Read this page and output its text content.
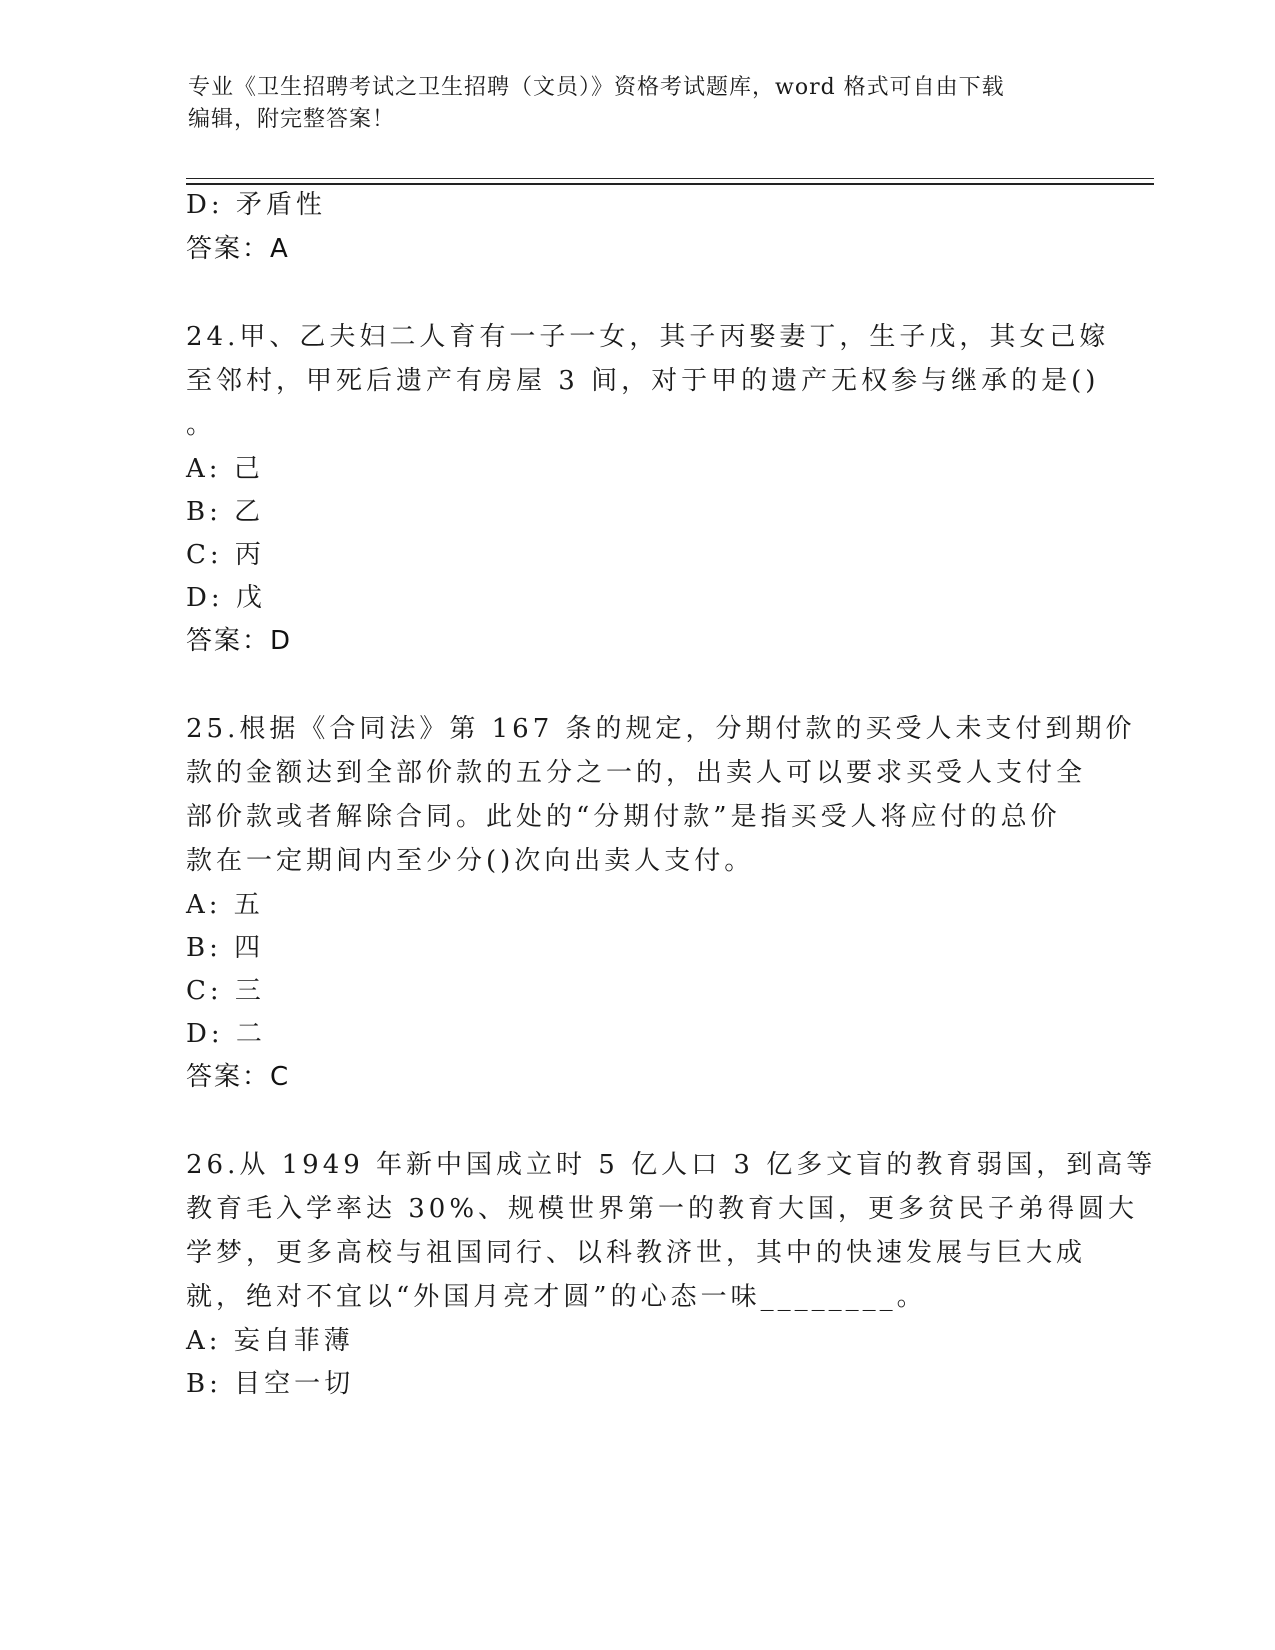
专业《卫生招聘考试之卫生招聘（文员）》资格考试题库，word 格式可自由下载
编辑，附完整答案！
D: 矛盾性
答案：A
24.甲、乙夫妇二人育有一子一女，其子丙娶妻丁，生子戊，其女己嫁
至邻村，甲死后遗产有房屋 3 间，对于甲的遗产无权参与继承的是()
。
A: 己
B: 乙
C: 丙
D: 戊
答案：D
25.根据《合同法》第 167 条的规定，分期付款的买受人未支付到期价
款的金额达到全部价款的五分之一的，出卖人可以要求买受人支付全
部价款或者解除合同。此处的“分期付款”是指买受人将应付的总价
款在一定期间内至少分()次向出卖人支付。
A: 五
B: 四
C: 三
D: 二
答案：C
26.从 1949 年新中国成立时 5 亿人口 3 亿多文盲的教育弱国，到高等
教育毛入学率达 30%、规模世界第一的教育大国，更多贫民子弟得圆大
学梦，更多高校与祖国同行、以科教济世，其中的快速发展与巨大成
就，绝对不宜以“外国月亮才圆”的心态一味________。
A: 妄自菲薄
B: 目空一切
